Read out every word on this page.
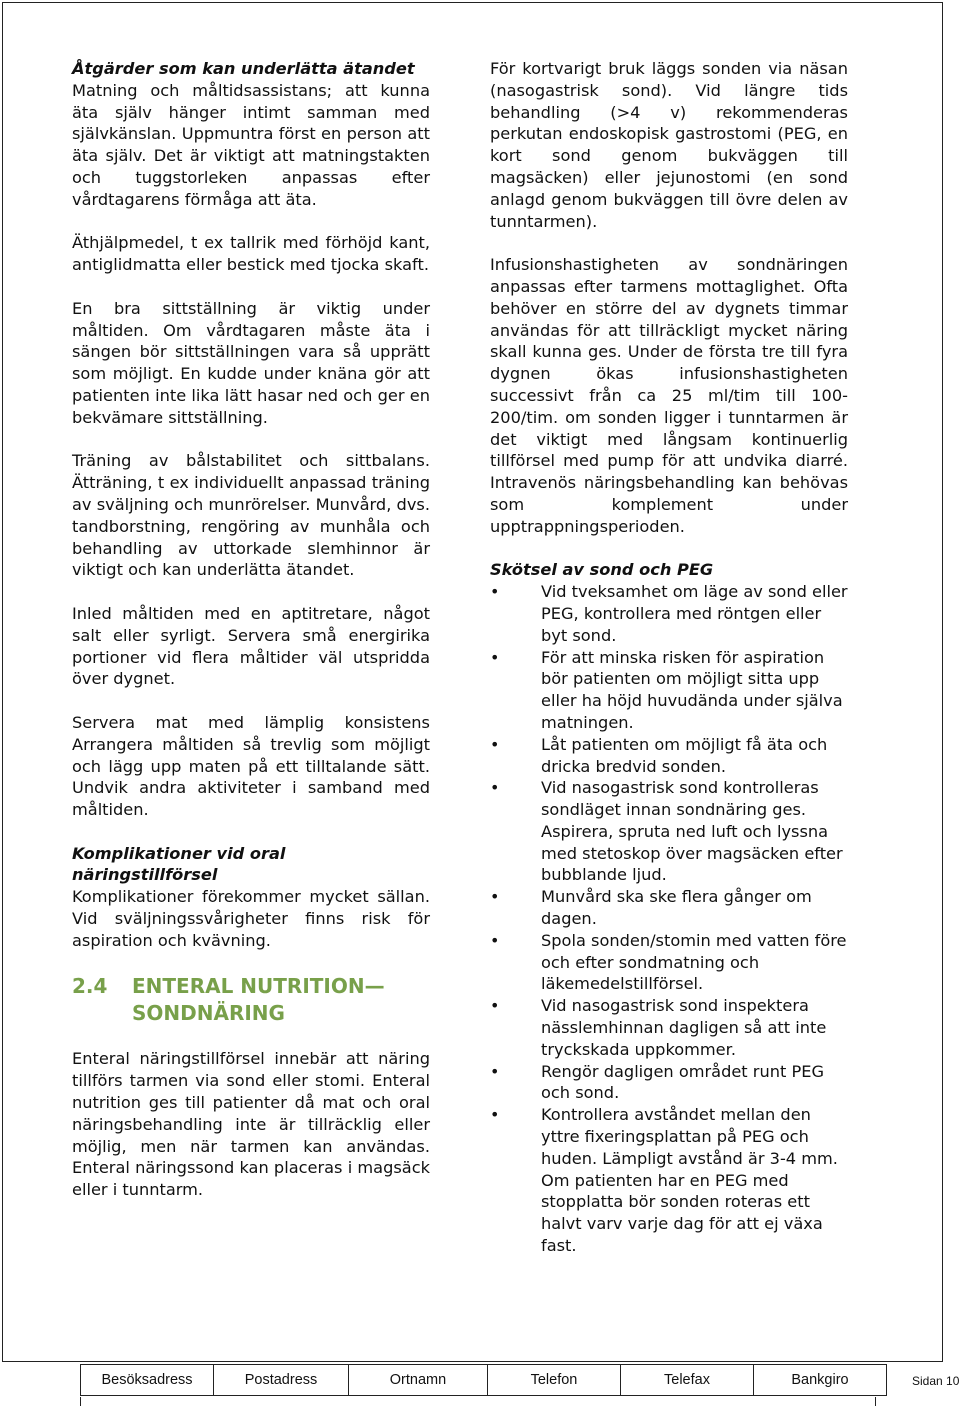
Åtgärder som kan underlätta ätandet

Matning och måltidsassistans; att kunna äta själv hänger intimt samman med självkänslan. Uppmuntra först en person att äta själv. Det är viktigt att matningstakten och tuggstorleken anpassas efter vårdtagarens förmåga att äta.

Äthjälpmedel, t ex tallrik med förhöjd kant, antiglidmatta eller bestick med tjocka skaft.

En bra sittställning är viktig under måltiden. Om vårdtagaren måste äta i sängen bör sittställningen vara så upprätt som möjligt. En kudde under knäna gör att patienten inte lika lätt hasar ned och ger en bekvämare sittställning.

Träning av bålstabilitet och sittbalans. Ätträning, t ex individuellt anpassad träning av sväljning och munrörelser. Munvård, dvs. tandborstning, rengöring av munhåla och behandling av uttorkade slemhinnor är viktigt och kan underlätta ätandet.

Inled måltiden med en aptitretare, något salt eller syrligt. Servera små energirika portioner vid flera måltider väl utspridda över dygnet.

Servera mat med lämplig konsistens Arrangera måltiden så trevlig som möjligt och lägg upp maten på ett tilltalande sätt. Undvik andra aktiviteter i samband med måltiden.

Komplikationer vid oral näringstillförsel

Komplikationer förekommer mycket sällan. Vid sväljningssvårigheter finns risk för aspiration och kvävning.

2.4	ENTERAL NUTRITION— SONDNÄRING

Enteral näringstillförsel innebär att näring tillförs tarmen via sond eller stomi. Enteral nutrition ges till patienter då mat och oral näringsbehandling inte är tillräcklig eller möjlig, men när tarmen kan användas. Enteral näringssond kan placeras i magsäck eller i tunntarm.

För kortvarigt bruk läggs sonden via näsan (nasogastrisk sond). Vid längre tids behandling (>4 v) rekommenderas perkutan endoskopisk gastrostomi (PEG, en kort sond genom bukväggen till magsäcken) eller jejunostomi (en sond anlagd genom bukväggen till övre delen av tunntarmen).

Infusionshastigheten av sondnäringen anpassas efter tarmens mottaglighet. Ofta behöver en större del av dygnets timmar användas för att tillräckligt mycket näring skall kunna ges. Under de första tre till fyra dygnen ökas infusionshastigheten successivt från ca 25 ml/tim till 100-200/tim. om sonden ligger i tunntarmen är det viktigt med långsam kontinuerlig tillförsel med pump för att undvika diarré. Intravenös näringsbehandling kan behövas som komplement under upptrappningsperioden.

Skötsel av sond och PEG

• Vid tveksamhet om läge av sond eller PEG, kontrollera med röntgen eller byt sond.
• För att minska risken för aspiration bör patienten om möjligt sitta upp eller ha höjd huvudända under själva matningen.
• Låt patienten om möjligt få äta och dricka bredvid sonden.
• Vid nasogastrisk sond kontrolleras sondläget innan sondnäring ges. Aspirera, spruta ned luft och lyssna med stetoskop över magsäcken efter bubblande ljud.
• Munvård ska ske flera gånger om dagen.
• Spola sonden/stomin med vatten före och efter sondmatning och läkemedelstillförsel.
• Vid nasogastrisk sond inspektera nässlemhinnan dagligen så att inte tryckskada uppkommer.
• Rengör dagligen området runt PEG och sond.
• Kontrollera avståndet mellan den yttre fixeringsplattan på PEG och huden. Lämpligt avstånd är 3-4 mm. Om patienten har en PEG med stopplatta bör sonden roteras ett halvt varv varje dag för att ej växa fast.
Besöksadress	Postadress	Ortnamn	Telefon	Telefax	Bankgiro	Sidan 10
